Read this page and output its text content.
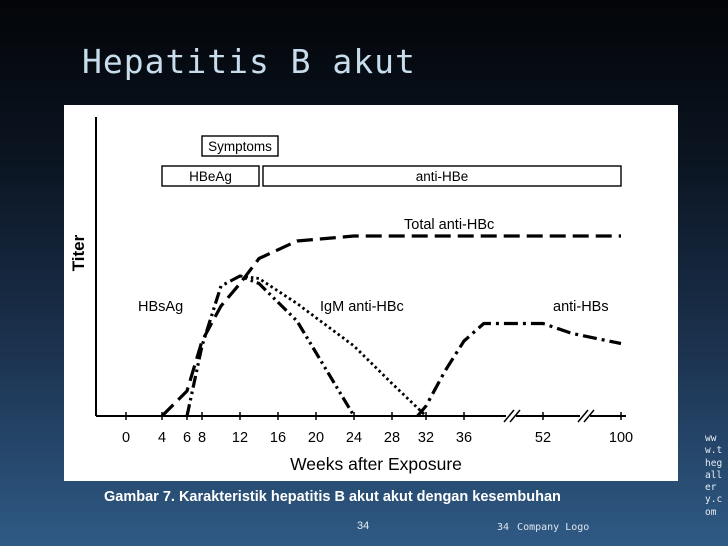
Hepatitis B akut
Symptoms
HBeAg	anti-HBe
HBsAg
Total anti-HBc
IgM anti-HBc	anti-HBs
0 4 6 8 12 16 20 24 28 32 36	52	100
Weeks after Exposure
Titer
Gambar 7. Karakteristik hepatitis B akut akut dengan kesembuhan
34	34 Company Logo
www.thegallery.com
